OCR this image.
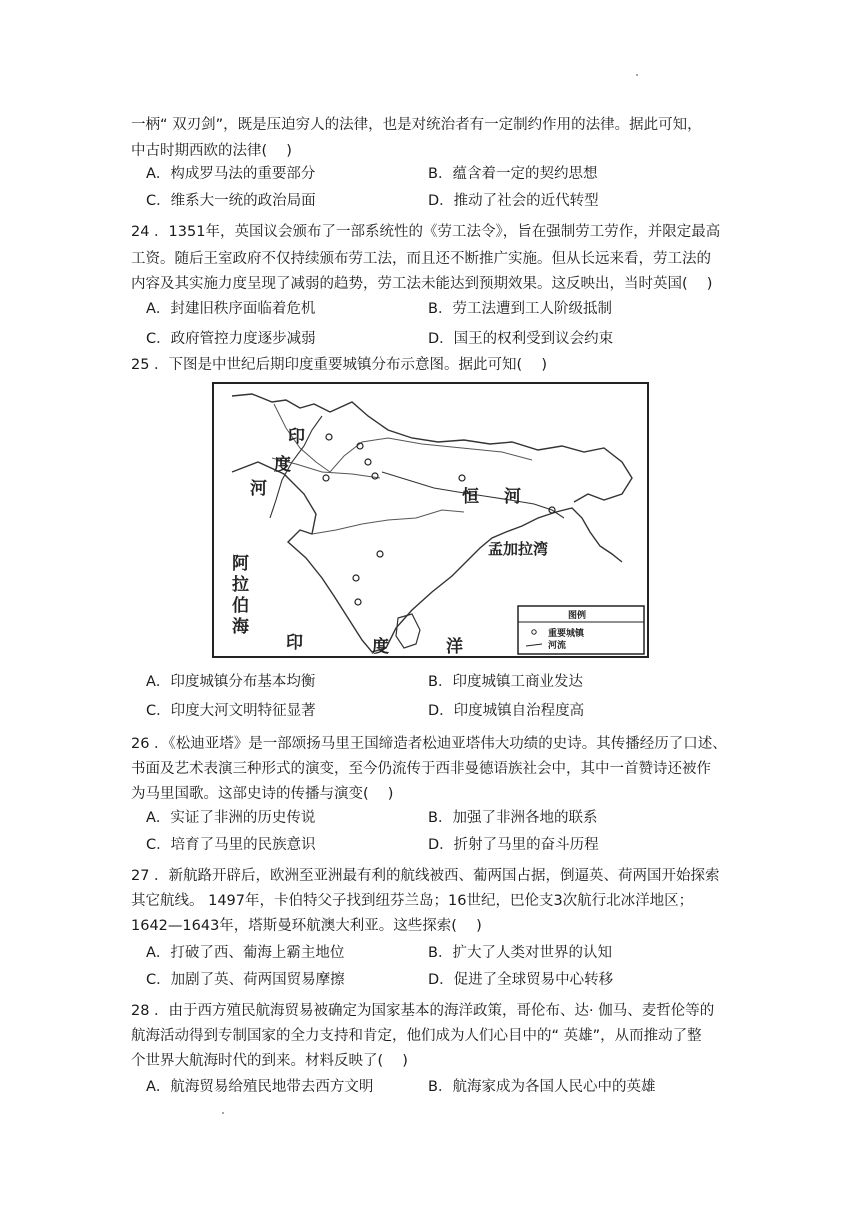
一柄“ 双刃剑”，既是压迫穷人的法律，也是对统治者有一定制约作用的法律。据此可知，
中古时期西欧的法律(　 )
A．构成罗马法的重要部分	B．蕴含着一定的契约思想
C．维系大一统的政治局面	D．推动了社会的近代转型
24 ．1351年，英国议会颁布了一部系统性的《劳工法令》，旨在强制劳工劳作，并限定最高
工资。随后王室政府不仅持续颁布劳工法，而且还不断推广实施。但从长远来看，劳工法的
内容及其实施力度呈现了减弱的趋势，劳工法未能达到预期效果。这反映出，当时英国(　 )
A．封建旧秩序面临着危机	B．劳工法遭到工人阶级抵制
C．政府管控力度逐步减弱	D．国王的权利受到议会约束
25 ．下图是中世纪后期印度重要城镇分布示意图。据此可知(　 )
印
度
河	恒 河
孟加拉湾
阿
拉
伯
海
印	度	洋
图例
重要城镇
河流
A．印度城镇分布基本均衡	B．印度城镇工商业发达
C．印度大河文明特征显著	D．印度城镇自治程度高
26 ．《松迪亚塔》是一部颂扬马里王国缔造者松迪亚塔伟大功绩的史诗。其传播经历了口述、
书面及艺术表演三种形式的演变，至今仍流传于西非曼德语族社会中，其中一首赞诗还被作
为马里国歌。这部史诗的传播与演变(　 )
A．实证了非洲的历史传说	B．加强了非洲各地的联系
C．培育了马里的民族意识	D．折射了马里的奋斗历程
27 ．新航路开辟后，欧洲至亚洲最有利的航线被西、葡两国占据，倒逼英、荷两国开始探索
其它航线。 1497年，卡伯特父子找到纽芬兰岛；16世纪，巴伦支3次航行北冰洋地区；
1642—1643年，塔斯曼环航澳大利亚。这些探索(　 )
A．打破了西、葡海上霸主地位	B．扩大了人类对世界的认知
C．加剧了英、荷两国贸易摩擦	D．促进了全球贸易中心转移
28 ．由于西方殖民航海贸易被确定为国家基本的海洋政策，哥伦布、达· 伽马、麦哲伦等的
航海活动得到专制国家的全力支持和肯定，他们成为人们心目中的“ 英雄”，从而推动了整
个世界大航海时代的到来。材料反映了(　 )
A．航海贸易给殖民地带去西方文明	B．航海家成为各国人民心中的英雄
